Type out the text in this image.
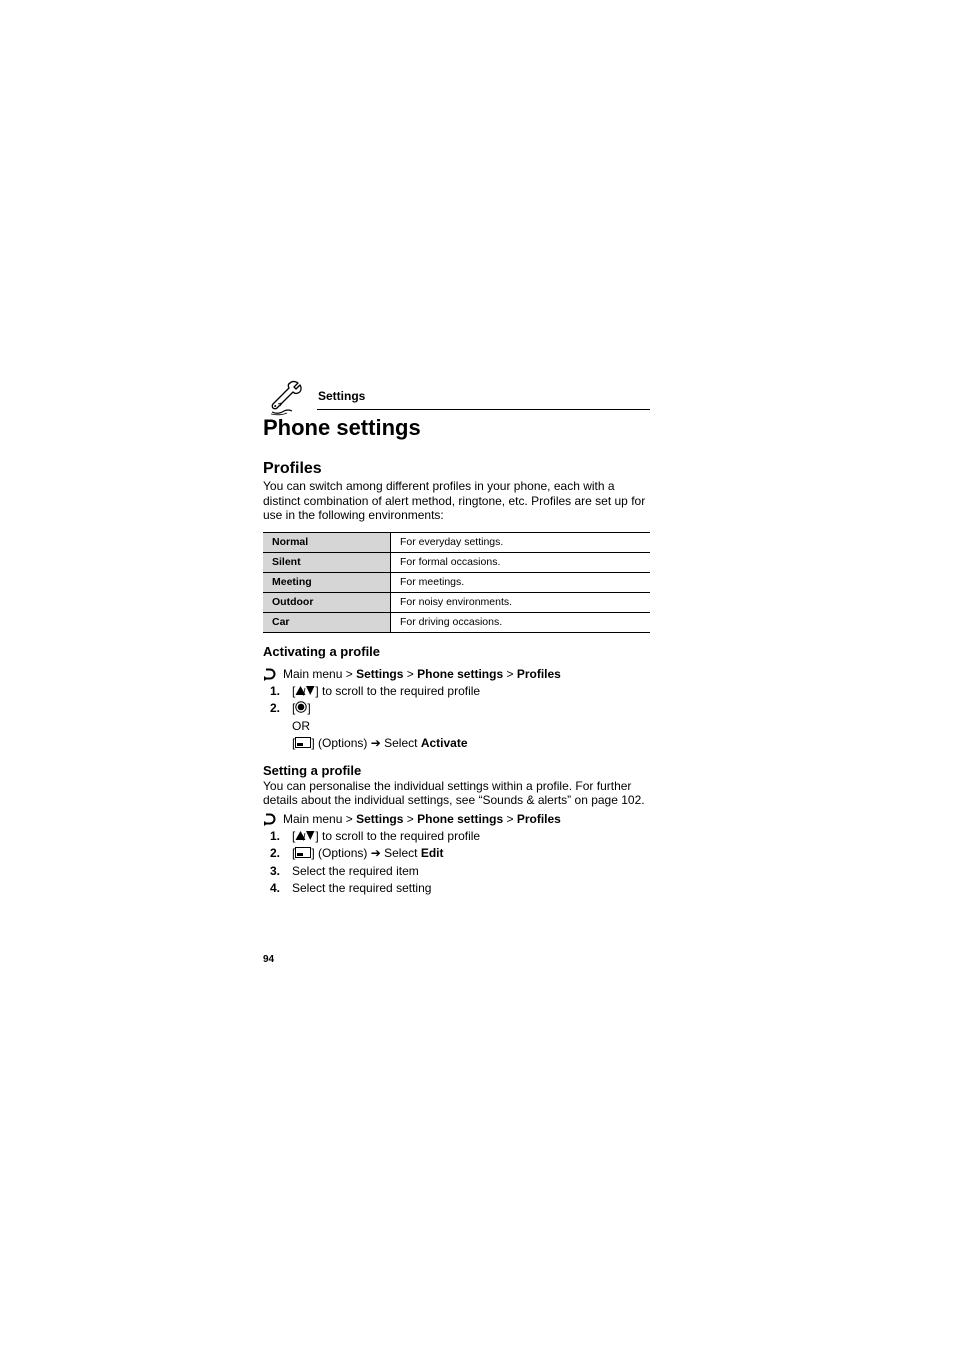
Settings
Phone settings
Profiles

You can switch among different profiles in your phone, each with a distinct combination of alert method, ringtone, etc. Profiles are set up for use in the following environments:

Normal	For everyday settings.
Silent	For formal occasions.
Meeting	For meetings.
Outdoor	For noisy environments.
Car	For driving occasions.
Activating a profile
Main menu
>
Settings
>
Phone settings
>
Profiles
1. [ ] to scroll to the required profile
2. [ ]
OR
[ ] (Options) ➔ Select Activate
Setting a profile

You can personalise the individual settings within a profile. For further details about the individual settings, see “Sounds & alerts” on page 102.

Main menu
>
Settings
>
Phone settings
>
Profiles
1. [ ] to scroll to the required profile
2. [ ] (Options) ➔ Select Edit
3. Select the required item
4. Select the required setting
94
